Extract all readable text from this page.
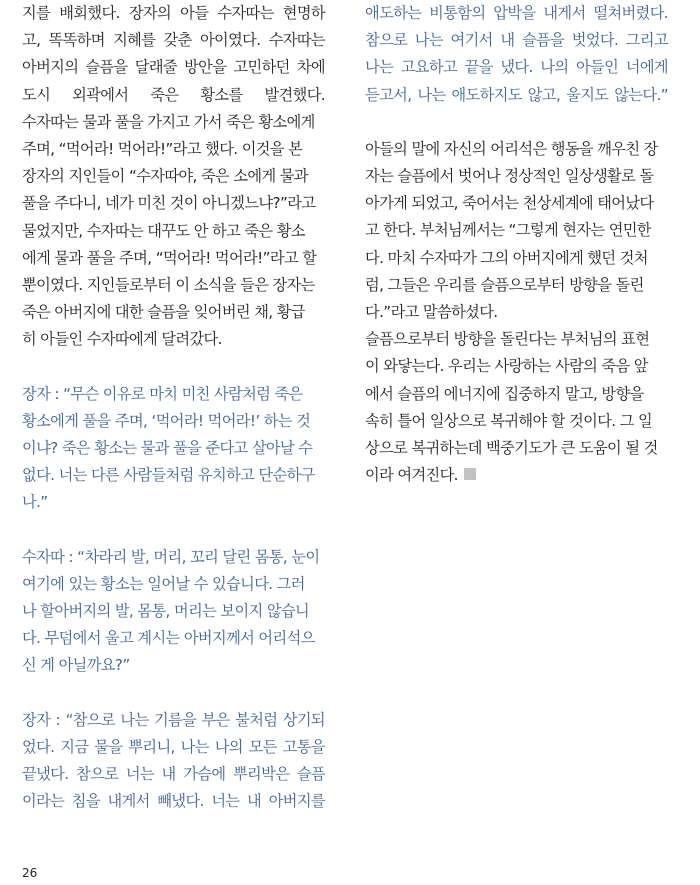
지를 배회했다. 장자의 아들 수자따는 현명하
고, 똑똑하며 지혜를 갖춘 아이였다. 수자따는
아버지의 슬픔을 달래줄 방안을 고민하던 차에
도시 외곽에서 죽은 황소를 발견했다.

수자따는 물과 풀을 가지고 가서 죽은 황소에게
주며, “먹어라! 먹어라!”라고 했다. 이것을 본
장자의 지인들이 “수자따야, 죽은 소에게 물과
풀을 주다니, 네가 미친 것이 아니겠느냐?”라고
물었지만, 수자따는 대꾸도 안 하고 죽은 황소
에게 물과 풀을 주며, “먹어라! 먹어라!”라고 할
뿐이였다. 지인들로부터 이 소식을 들은 장자는
죽은 아버지에 대한 슬픔을 잊어버린 채, 황급
히 아들인 수자따에게 달려갔다.

장자 : “무슨 이유로 마치 미친 사람처럼 죽은
황소에게 풀을 주며, ‘먹어라! 먹어라!’ 하는 것
이냐? 죽은 황소는 물과 풀을 준다고 살아날 수
없다. 너는 다른 사람들처럼 유치하고 단순하구
나.”

수자따 : “차라리 발, 머리, 꼬리 달린 몸통, 눈이
여기에 있는 황소는 일어날 수 있습니다. 그러
나 할아버지의 발, 몸통, 머리는 보이지 않습니
다. 무덤에서 울고 계시는 아버지께서 어리석으
신 게 아닐까요?”

장자 : “참으로 나는 기름을 부은 불처럼 상기되
었다. 지금 물을 뿌리니, 나는 나의 모든 고통을
끝냈다. 참으로 너는 내 가슴에 뿌리박은 슬픔
이라는 침을 내게서 빼냈다. 너는 내 아버지를

애도하는 비통함의 압박을 내게서 떨쳐버렸다.
참으로 나는 여기서 내 슬픔을 벗었다. 그리고
나는 고요하고 끝을 냈다. 나의 아들인 너에게
듣고서, 나는 애도하지도 않고, 울지도 않는다.”

아들의 말에 자신의 어리석은 행동을 깨우친 장
자는 슬픔에서 벗어나 정상적인 일상생활로 돌
아가게 되었고, 죽어서는 천상세계에 태어났다
고 한다. 부처님께서는 “그렇게 현자는 연민한
다. 마치 수자따가 그의 아버지에게 했던 것처
럼, 그들은 우리를 슬픔으로부터 방향을 돌린
다.”라고 말씀하셨다.

슬픔으로부터 방향을 돌린다는 부처님의 표현
이 와닿는다. 우리는 사랑하는 사람의 죽음 앞
에서 슬픔의 에너지에 집중하지 말고, 방향을
속히 틀어 일상으로 복귀해야 할 것이다. 그 일
상으로 복귀하는데 백중기도가 큰 도움이 될 것
이라 여겨진다.

26
